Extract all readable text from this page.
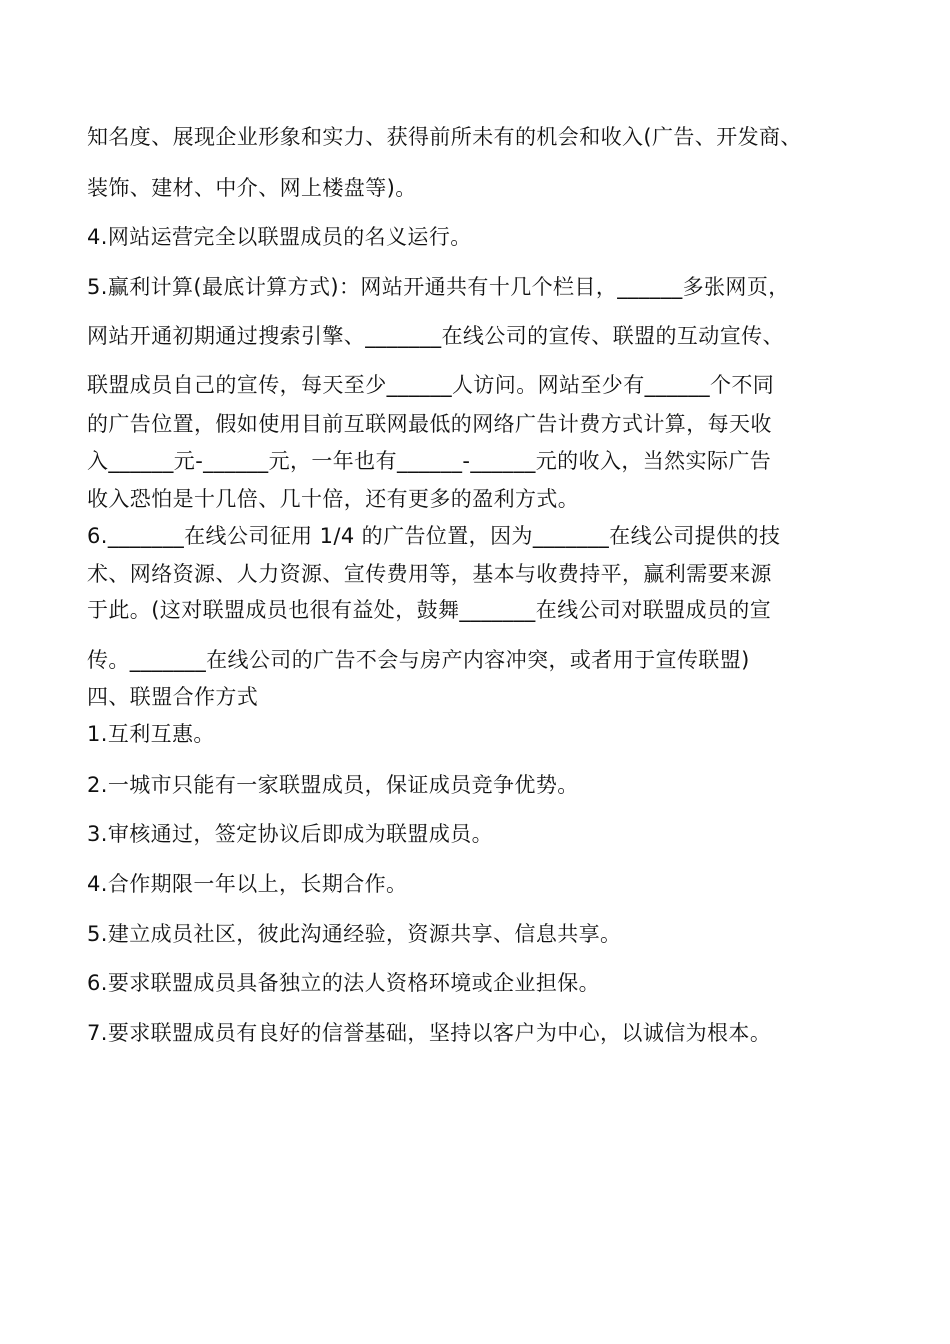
知名度、展现企业形象和实力、获得前所未有的机会和收入(广告、开发商、
装饰、建材、中介、网上楼盘等)。
4.网站运营完全以联盟成员的名义运行。
5.赢利计算(最底计算方式)：网站开通共有十几个栏目，______多张网页，
网站开通初期通过搜索引擎、_______在线公司的宣传、联盟的互动宣传、
联盟成员自己的宣传，每天至少______人访问。网站至少有______个不同
的广告位置，假如使用目前互联网最低的网络广告计费方式计算，每天收
入______元-______元，一年也有______-______元的收入，当然实际广告
收入恐怕是十几倍、几十倍，还有更多的盈利方式。
6._______在线公司征用 1/4 的广告位置，因为_______在线公司提供的技
术、网络资源、人力资源、宣传费用等，基本与收费持平，赢利需要来源
于此。(这对联盟成员也很有益处，鼓舞_______在线公司对联盟成员的宣
传。_______在线公司的广告不会与房产内容冲突，或者用于宣传联盟)
四、联盟合作方式
1.互利互惠。
2.一城市只能有一家联盟成员，保证成员竞争优势。
3.审核通过，签定协议后即成为联盟成员。
4.合作期限一年以上，长期合作。
5.建立成员社区，彼此沟通经验，资源共享、信息共享。
6.要求联盟成员具备独立的法人资格环境或企业担保。
7.要求联盟成员有良好的信誉基础，坚持以客户为中心，以诚信为根本。
